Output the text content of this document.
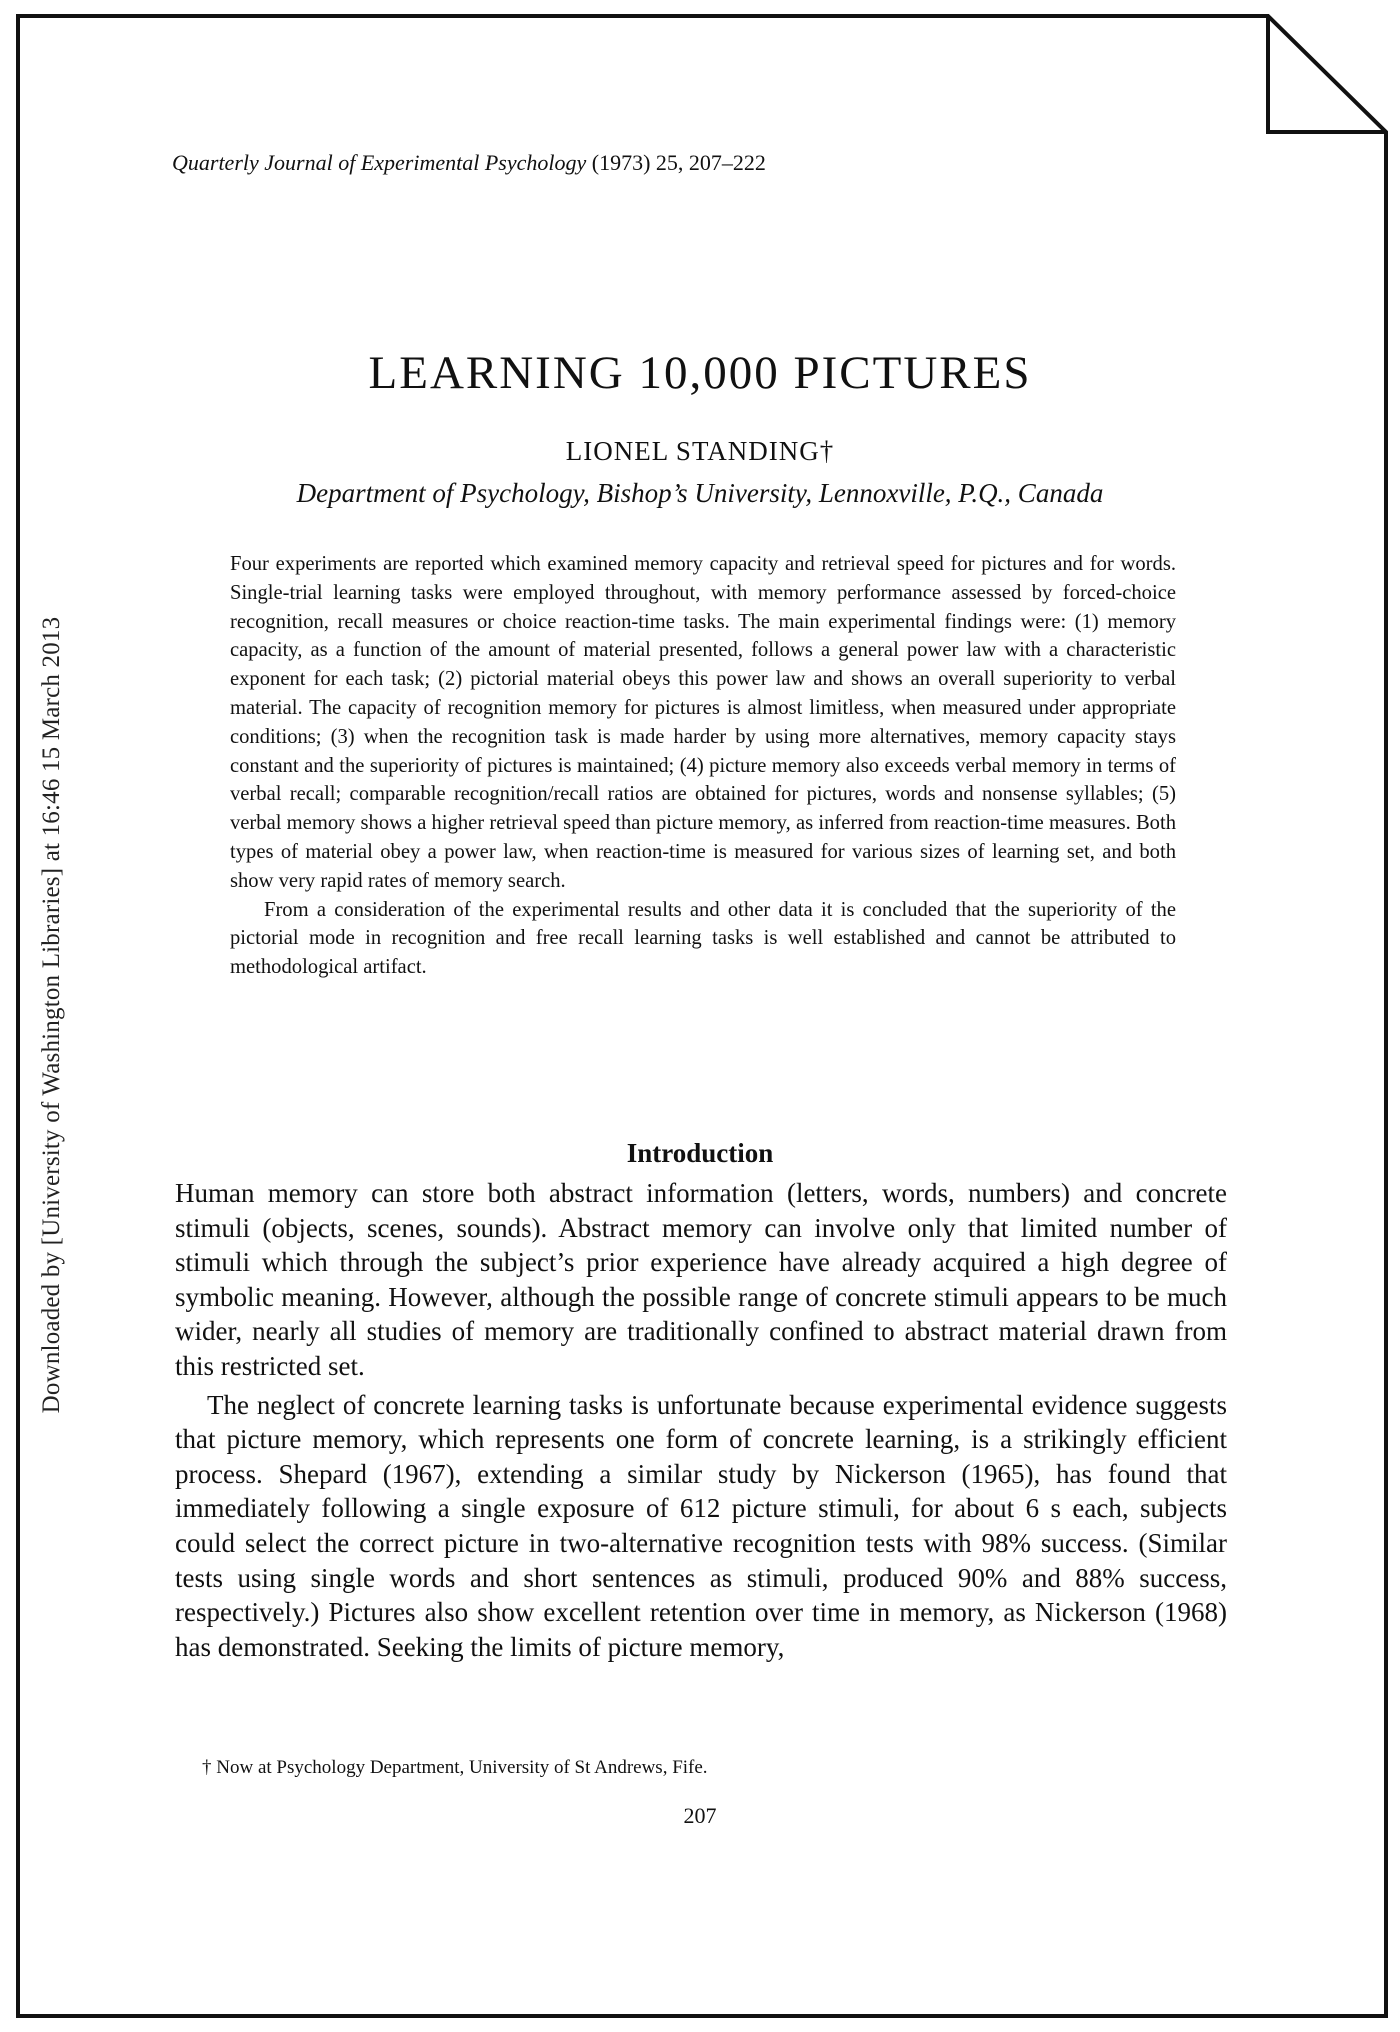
Downloaded by [University of Washington Libraries] at 16:46 15 March 2013
Quarterly Journal of Experimental Psychology (1973) 25, 207–222
LEARNING 10,000 PICTURES
LIONEL STANDING†
Department of Psychology, Bishop’s University, Lennoxville, P.Q., Canada

Four experiments are reported which examined memory capacity and retrieval speed for pictures and for words. Single-trial learning tasks were employed throughout, with memory performance assessed by forced-choice recognition, recall measures or choice reaction-time tasks. The main experimental findings were: (1) memory capacity, as a function of the amount of material presented, follows a general power law with a characteristic exponent for each task; (2) pictorial material obeys this power law and shows an overall superiority to verbal material. The capacity of recognition memory for pictures is almost limitless, when measured under appropriate conditions; (3) when the recognition task is made harder by using more alternatives, memory capacity stays constant and the superiority of pictures is maintained; (4) picture memory also exceeds verbal memory in terms of verbal recall; comparable recognition/recall ratios are obtained for pictures, words and nonsense syllables; (5) verbal memory shows a higher retrieval speed than picture memory, as inferred from reaction-time measures. Both types of material obey a power law, when reaction-time is measured for various sizes of learning set, and both show very rapid rates of memory search.

From a consideration of the experimental results and other data it is concluded that the superiority of the pictorial mode in recognition and free recall learning tasks is well established and cannot be attributed to methodological artifact.

Introduction

Human memory can store both abstract information (letters, words, numbers) and concrete stimuli (objects, scenes, sounds). Abstract memory can involve only that limited number of stimuli which through the subject’s prior experience have already acquired a high degree of symbolic meaning. However, although the possible range of concrete stimuli appears to be much wider, nearly all studies of memory are traditionally confined to abstract material drawn from this restricted set.

The neglect of concrete learning tasks is unfortunate because experimental evidence suggests that picture memory, which represents one form of concrete learning, is a strikingly efficient process. Shepard (1967), extending a similar study by Nickerson (1965), has found that immediately following a single exposure of 612 picture stimuli, for about 6 s each, subjects could select the correct picture in two-alternative recognition tests with 98% success. (Similar tests using single words and short sentences as stimuli, produced 90% and 88% success, respectively.) Pictures also show excellent retention over time in memory, as Nickerson (1968) has demonstrated. Seeking the limits of picture memory,

† Now at Psychology Department, University of St Andrews, Fife.
207
